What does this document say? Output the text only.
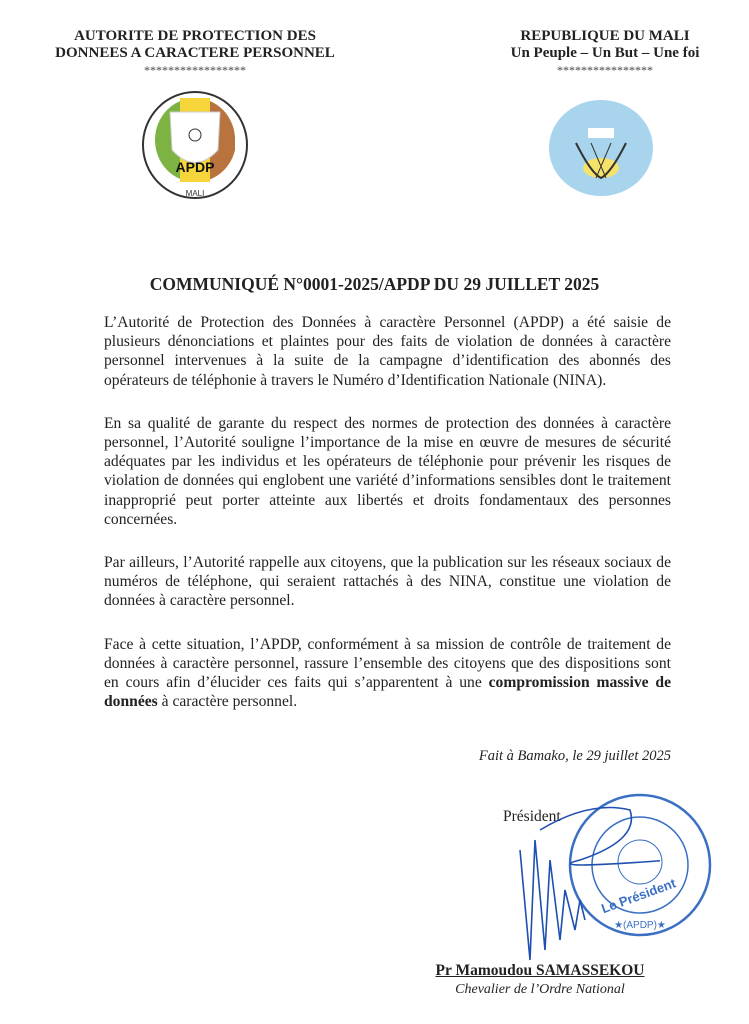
AUTORITE DE PROTECTION DES
DONNEES A CARACTERE PERSONNEL
*****************
APDP
MALI
REPUBLIQUE DU MALI
Un Peuple – Un But – Une foi
****************
COMMUNIQUÉ N°0001-2025/APDP DU 29 JUILLET 2025

L’Autorité de Protection des Données à caractère Personnel (APDP) a été saisie de plusieurs dénonciations et plaintes pour des faits de violation de données à caractère personnel intervenues à la suite de la campagne d’identification des abonnés des opérateurs de téléphonie à travers le Numéro d’Identification Nationale (NINA).

En sa qualité de garante du respect des normes de protection des données à caractère personnel, l’Autorité souligne l’importance de la mise en œuvre de mesures de sécurité adéquates par les individus et les opérateurs de téléphonie pour prévenir les risques de violation de données qui englobent une variété d’informations sensibles dont le traitement inapproprié peut porter atteinte aux libertés et droits fondamentaux des personnes concernées.

Par ailleurs, l’Autorité rappelle aux citoyens, que la publication sur les réseaux sociaux de numéros de téléphone, qui seraient rattachés à des NINA, constitue une violation de données à caractère personnel.

Face à cette situation, l’APDP, conformément à sa mission de contrôle de traitement de données à caractère personnel, rassure l’ensemble des citoyens que des dispositions sont en cours afin d’élucider ces faits qui s’apparentent à une compromission massive de données à caractère personnel.

Fait à Bamako, le 29 juillet 2025
Président
Le Président
★(APDP)★
Pr Mamoudou SAMASSEKOU
Chevalier de l’Ordre National
